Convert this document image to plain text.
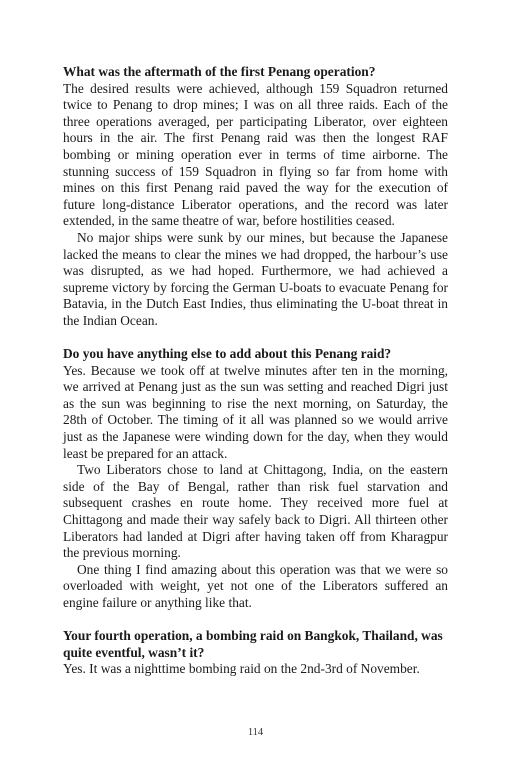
What was the aftermath of the first Penang operation?

The desired results were achieved, although 159 Squadron returned twice to Penang to drop mines; I was on all three raids. Each of the three operations averaged, per participating Liberator, over eighteen hours in the air. The first Penang raid was then the longest RAF bombing or mining operation ever in terms of time airborne. The stunning success of 159 Squadron in flying so far from home with mines on this first Penang raid paved the way for the execution of future long-distance Liberator operations, and the record was later extended, in the same theatre of war, before hostilities ceased.

No major ships were sunk by our mines, but because the Japanese lacked the means to clear the mines we had dropped, the harbour’s use was disrupted, as we had hoped. Furthermore, we had achieved a supreme victory by forcing the German U-boats to evacuate Penang for Batavia, in the Dutch East Indies, thus eliminating the U-boat threat in the Indian Ocean.

Do you have anything else to add about this Penang raid?

Yes. Because we took off at twelve minutes after ten in the morning, we arrived at Penang just as the sun was setting and reached Digri just as the sun was beginning to rise the next morning, on Saturday, the 28th of October. The timing of it all was planned so we would arrive just as the Japanese were winding down for the day, when they would least be prepared for an attack.

Two Liberators chose to land at Chittagong, India, on the eastern side of the Bay of Bengal, rather than risk fuel starvation and subsequent crashes en route home. They received more fuel at Chittagong and made their way safely back to Digri. All thirteen other Liberators had landed at Digri after having taken off from Kharagpur the previous morning.

One thing I find amazing about this operation was that we were so overloaded with weight, yet not one of the Liberators suffered an engine failure or anything like that.

Your fourth operation, a bombing raid on Bangkok, Thailand, was quite eventful, wasn’t it?

Yes. It was a nighttime bombing raid on the 2nd-3rd of November.

114
